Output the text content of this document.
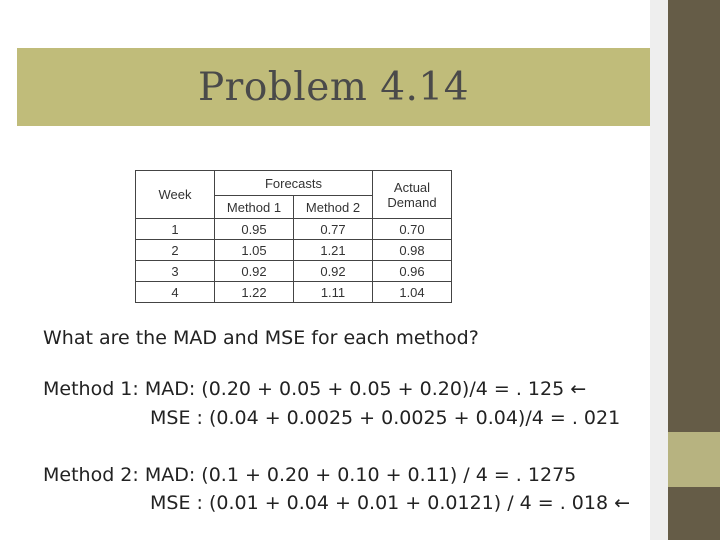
Problem 4.14
Week	Forecasts		Actual
Demand
	Method 1	Method 2	
1	0.95	0.77	0.70
2	1.05	1.21	0.98
3	0.92	0.92	0.96
4	1.22	1.11	1.04
What are the MAD and MSE for each method?
Method 1: MAD: (0.20 + 0.05 + 0.05 + 0.20)/4 = . 125 ←
MSE : (0.04 + 0.0025 + 0.0025 + 0.04)/4 = . 021
Method 2: MAD: (0.1 + 0.20 + 0.10 + 0.11) / 4 = . 1275
MSE : (0.01 + 0.04 + 0.01 + 0.0121) / 4 = . 018 ←
